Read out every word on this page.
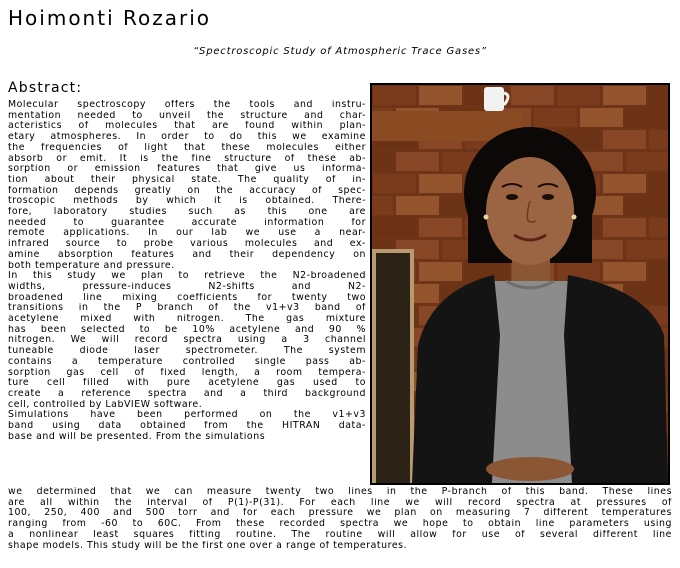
Hoimonti Rozario
“Spectroscopic Study of Atmospheric Trace Gases”
Abstract:
Molecular spectroscopy offers the tools and instru-
mentation needed to unveil the structure and char-
acteristics of molecules that are found within plan-
etary atmospheres. In order to do this we examine
the frequencies of light that these molecules either
absorb or emit. It is the fine structure of these ab-
sorption or emission features that give us informa-
tion about their physical state. The quality of in-
formation depends greatly on the accuracy of spec-
troscopic methods by which it is obtained. There-
fore, laboratory studies such as this one are
needed to guarantee accurate information for
remote applications. In our lab we use a near-
infrared source to probe various molecules and ex-
amine absorption features and their dependency on
both temperature and pressure.
In this study we plan to retrieve the N2-broadened
widths, pressure-induces N2-shifts and N2-
broadened line mixing coefficients for twenty two
transitions in the P branch of the v1+v3 band of
acetylene mixed with nitrogen. The gas mixture
has been selected to be 10% acetylene and 90 %
nitrogen. We will record spectra using a 3 channel
tuneable diode laser spectrometer. The system
contains a temperature controlled single pass ab-
sorption gas cell of fixed length, a room tempera-
ture cell filled with pure acetylene gas used to
create a reference spectra and a third background
cell, controlled by LabVIEW software.
Simulations have been performed on the v1+v3
band using data obtained from the HITRAN data-
base and will be presented. From the simulations
we determined that we can measure twenty two lines in the P-branch of this band. These lines
are all within the interval of P(1)-P(31). For each line we will record spectra at pressures of
100, 250, 400 and 500 torr and for each pressure we plan on measuring 7 different temperatures
ranging from -60 to 60C. From these recorded spectra we hope to obtain line parameters using
a nonlinear least squares fitting routine. The routine will allow for use of several different line
shape models. This study will be the first one over a range of temperatures.
